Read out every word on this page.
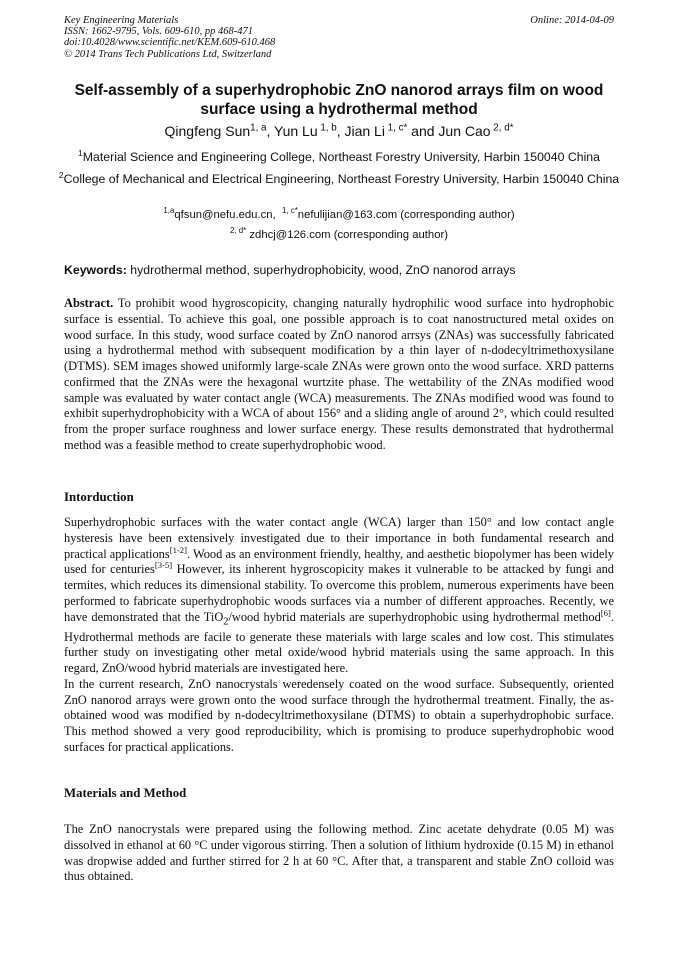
Key Engineering Materials
ISSN: 1662-9795, Vols. 609-610, pp 468-471
doi:10.4028/www.scientific.net/KEM.609-610.468
© 2014 Trans Tech Publications Ltd, Switzerland
Online: 2014-04-09
Self-assembly of a superhydrophobic ZnO nanorod arrays film on wood surface using a hydrothermal method
Qingfeng Sun$^{1, a}$, Yun Lu $^{1, b}$, Jian Li $^{1, c*}$ and Jun Cao $^{2, d*}$
$^1$Material Science and Engineering College, Northeast Forestry University, Harbin 150040 China
$^2$College of Mechanical and Electrical Engineering, Northeast Forestry University, Harbin 150040 China
$^{1,a}$qfsun@nefu.edu.cn, $^{1, c*}$nefulijian@163.com (corresponding author)
$^{2, d*}$ zdhcj@126.com (corresponding author)
Keywords: hydrothermal method, superhydrophobicity, wood, ZnO nanorod arrays

Abstract. To prohibit wood hygroscopicity, changing naturally hydrophilic wood surface into hydrophobic surface is essential. To achieve this goal, one possible approach is to coat nanostructured metal oxides on wood surface. In this study, wood surface coated by ZnO nanorod arrsys (ZNAs) was successfully fabricated using a hydrothermal method with subsequent modification by a thin layer of n-dodecyltrimethoxysilane (DTMS). SEM images showed uniformly large-scale ZNAs were grown onto the wood surface. XRD patterns confirmed that the ZNAs were the hexagonal wurtzite phase. The wettability of the ZNAs modified wood sample was evaluated by water contact angle (WCA) measurements. The ZNAs modified wood was found to exhibit superhydrophobicity with a WCA of about 156° and a sliding angle of around 2°, which could resulted from the proper surface roughness and lower surface energy. These results demonstrated that hydrothermal method was a feasible method to create superhydrophobic wood.

Intorduction

Superhydrophobic surfaces with the water contact angle (WCA) larger than 150° and low contact angle hysteresis have been extensively investigated due to their importance in both fundamental research and practical applications[1-2]. Wood as an environment friendly, healthy, and aesthetic biopolymer has been widely used for centuries[3-5] However, its inherent hygroscopicity makes it vulnerable to be attacked by fungi and termites, which reduces its dimensional stability. To overcome this problem, numerous experiments have been performed to fabricate superhydrophobic woods surfaces via a number of different approaches. Recently, we have demonstrated that the TiO$_2$/wood hybrid materials are superhydrophobic using hydrothermal method[6]. Hydrothermal methods are facile to generate these materials with large scales and low cost. This stimulates further study on investigating other metal oxide/wood hybrid materials using the same approach. In this regard, ZnO/wood hybrid materials are investigated here.

In the current research, ZnO nanocrystals weredensely coated on the wood surface. Subsequently, oriented ZnO nanorod arrays were grown onto the wood surface through the hydrothermal treatment. Finally, the as-obtained wood was modified by n-dodecyltrimethoxysilane (DTMS) to obtain a superhydrophobic surface. This method showed a very good reproducibility, which is promising to produce superhydrophobic wood surfaces for practical applications.

Materials and Method

The ZnO nanocrystals were prepared using the following method. Zinc acetate dehydrate (0.05 M) was dissolved in ethanol at 60 °C under vigorous stirring. Then a solution of lithium hydroxide (0.15 M) in ethanol was dropwise added and further stirred for 2 h at 60 °C. After that, a transparent and stable ZnO colloid was thus obtained.
